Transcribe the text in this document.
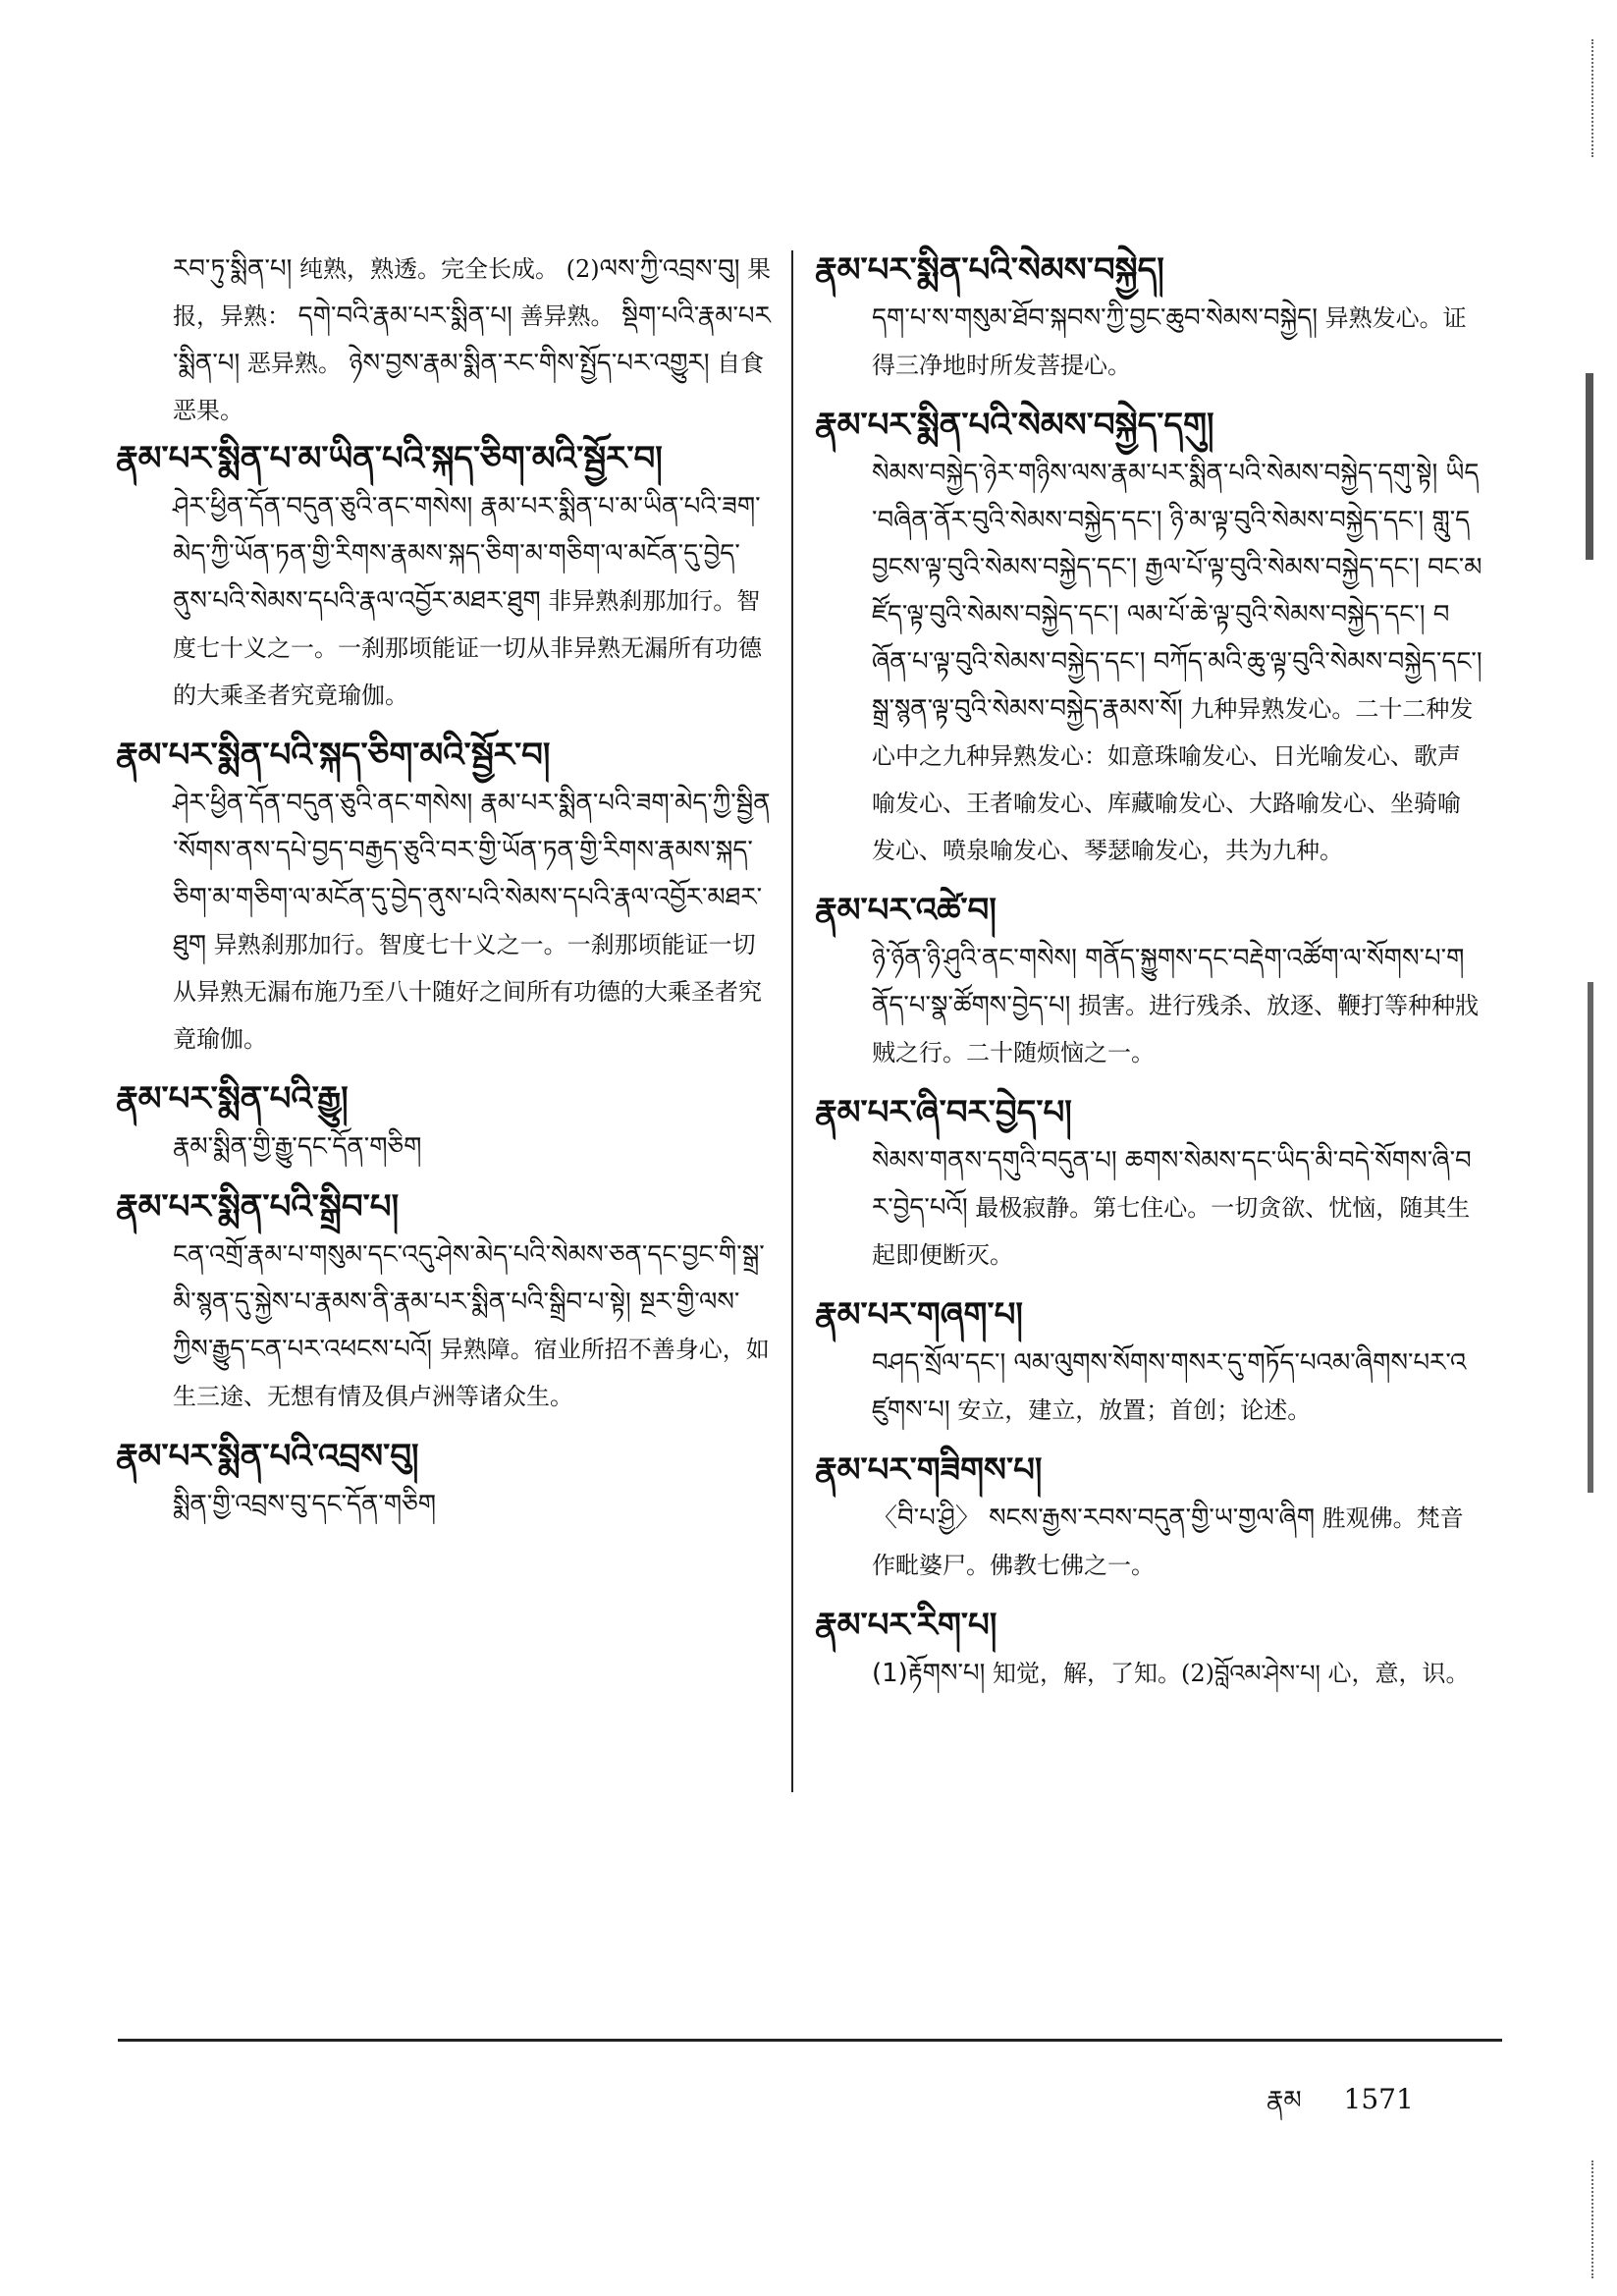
རབ་ཏུ་སྨིན་པ། 纯熟，熟透。完全长成。 (2)ལས་ཀྱི་འབྲས་བུ། 果报，异熟： དགེ་བའི་རྣམ་པར་སྨིན་པ། 善异熟。 སྡིག་པའི་རྣམ་པར་སྨིན་པ། 恶异熟。 ཉེས་བྱས་རྣམ་སྨིན་རང་གིས་སྤྱོད་པར་འགྱུར། 自食恶果。
རྣམ་པར་སྨིན་པ་མ་ཡིན་པའི་སྐད་ཅིག་མའི་སྦྱོར་བ།
ཤེར་ཕྱིན་དོན་བདུན་ཅུའི་ནང་གསེས། རྣམ་པར་སྨིན་པ་མ་ཡིན་པའི་ཟག་མེད་ཀྱི་ཡོན་ཏན་གྱི་རིགས་རྣམས་སྐད་ཅིག་མ་གཅིག་ལ་མངོན་དུ་བྱེད་ནུས་པའི་སེམས་དཔའི་རྣལ་འབྱོར་མཐར་ཐུག 非异熟刹那加行。智度七十义之一。一刹那顷能证一切从非异熟无漏所有功德的大乘圣者究竟瑜伽。
རྣམ་པར་སྨིན་པའི་སྐད་ཅིག་མའི་སྦྱོར་བ།
ཤེར་ཕྱིན་དོན་བདུན་ཅུའི་ནང་གསེས། རྣམ་པར་སྨིན་པའི་ཟག་མེད་ཀྱི་སྦྱིན་སོགས་ནས་དཔེ་བྱད་བརྒྱད་ཅུའི་བར་གྱི་ཡོན་ཏན་གྱི་རིགས་རྣམས་སྐད་ཅིག་མ་གཅིག་ལ་མངོན་དུ་བྱེད་ནུས་པའི་སེམས་དཔའི་རྣལ་འབྱོར་མཐར་ཐུག 异熟刹那加行。智度七十义之一。一刹那顷能证一切从异熟无漏布施乃至八十随好之间所有功德的大乘圣者究竟瑜伽。
རྣམ་པར་སྨིན་པའི་རྒྱུ།
རྣམ་སྨིན་གྱི་རྒྱུ་དང་དོན་གཅིག
རྣམ་པར་སྨིན་པའི་སྒྲིབ་པ།
ངན་འགྲོ་རྣམ་པ་གསུམ་དང་འདུ་ཤེས་མེད་པའི་སེམས་ཅན་དང་བྱང་གི་སྒྲ་མི་སྙན་དུ་སྐྱེས་པ་རྣམས་ནི་རྣམ་པར་སྨིན་པའི་སྒྲིབ་པ་སྟེ། སྔར་གྱི་ལས་ཀྱིས་རྒྱུད་ངན་པར་འཕངས་པའོ། 异熟障。宿业所招不善身心，如生三途、无想有情及俱卢洲等诸众生。
རྣམ་པར་སྨིན་པའི་འབྲས་བུ།
སྨིན་གྱི་འབྲས་བུ་དང་དོན་གཅིག
རྣམ་པར་སྨིན་པའི་སེམས་བསྐྱེད།
དག་པ་ས་གསུམ་ཐོབ་སྐབས་ཀྱི་བྱང་ཆུབ་སེམས་བསྐྱེད། 异熟发心。证得三净地时所发菩提心。
རྣམ་པར་སྨིན་པའི་སེམས་བསྐྱེད་དགུ།
སེམས་བསྐྱེད་ཉེར་གཉིས་ལས་རྣམ་པར་སྨིན་པའི་སེམས་བསྐྱེད་དགུ་སྟེ། ཡིད་བཞིན་ནོར་བུའི་སེམས་བསྐྱེད་དང་། ཉི་མ་ལྟ་བུའི་སེམས་བསྐྱེད་དང་། གླུ་དབྱངས་ལྟ་བུའི་སེམས་བསྐྱེད་དང་། རྒྱལ་པོ་ལྟ་བུའི་སེམས་བསྐྱེད་དང་། བང་མཛོད་ལྟ་བུའི་སེམས་བསྐྱེད་དང་། ལམ་པོ་ཆེ་ལྟ་བུའི་སེམས་བསྐྱེད་དང་། བཞོན་པ་ལྟ་བུའི་སེམས་བསྐྱེད་དང་། བཀོད་མའི་ཆུ་ལྟ་བུའི་སེམས་བསྐྱེད་དང་། སྒྲ་སྙན་ལྟ་བུའི་སེམས་བསྐྱེད་རྣམས་སོ། 九种异熟发心。二十二种发心中之九种异熟发心：如意珠喻发心、日光喻发心、歌声喻发心、王者喻发心、库藏喻发心、大路喻发心、坐骑喻发心、喷泉喻发心、琴瑟喻发心，共为九种。
རྣམ་པར་འཚེ་བ།
ཉེ་ཉོན་ཉི་ཤུའི་ནང་གསེས། གནོད་སྐྱུགས་དང་བརྡེག་འཚོག་ལ་སོགས་པ་གནོད་པ་སྣ་ཚོགས་བྱེད་པ། 损害。进行残杀、放逐、鞭打等种种戕贼之行。二十随烦恼之一。
རྣམ་པར་ཞི་བར་བྱེད་པ།
སེམས་གནས་དགུའི་བདུན་པ། ཆགས་སེམས་དང་ཡིད་མི་བདེ་སོགས་ཞི་བར་བྱེད་པའོ། 最极寂静。第七住心。一切贪欲、忧恼，随其生起即便断灭。
རྣམ་པར་གཞག་པ།
བཤད་སྲོལ་དང་། ལམ་ལུགས་སོགས་གསར་དུ་གཏོད་པའམ་ཞིགས་པར་འཛུགས་པ། 安立，建立，放置；首创；论述。
རྣམ་པར་གཟིགས་པ།
〈བི་པ་ཤྱི〉 སངས་རྒྱས་རབས་བདུན་གྱི་ཡ་གྱལ་ཞིག 胜观佛。梵音作毗婆尸。佛教七佛之一。
རྣམ་པར་རིག་པ།
(1)རྟོགས་པ། 知觉，解，了知。(2)བློའམ་ཤེས་པ། 心，意，识。
རྣམ 1571
